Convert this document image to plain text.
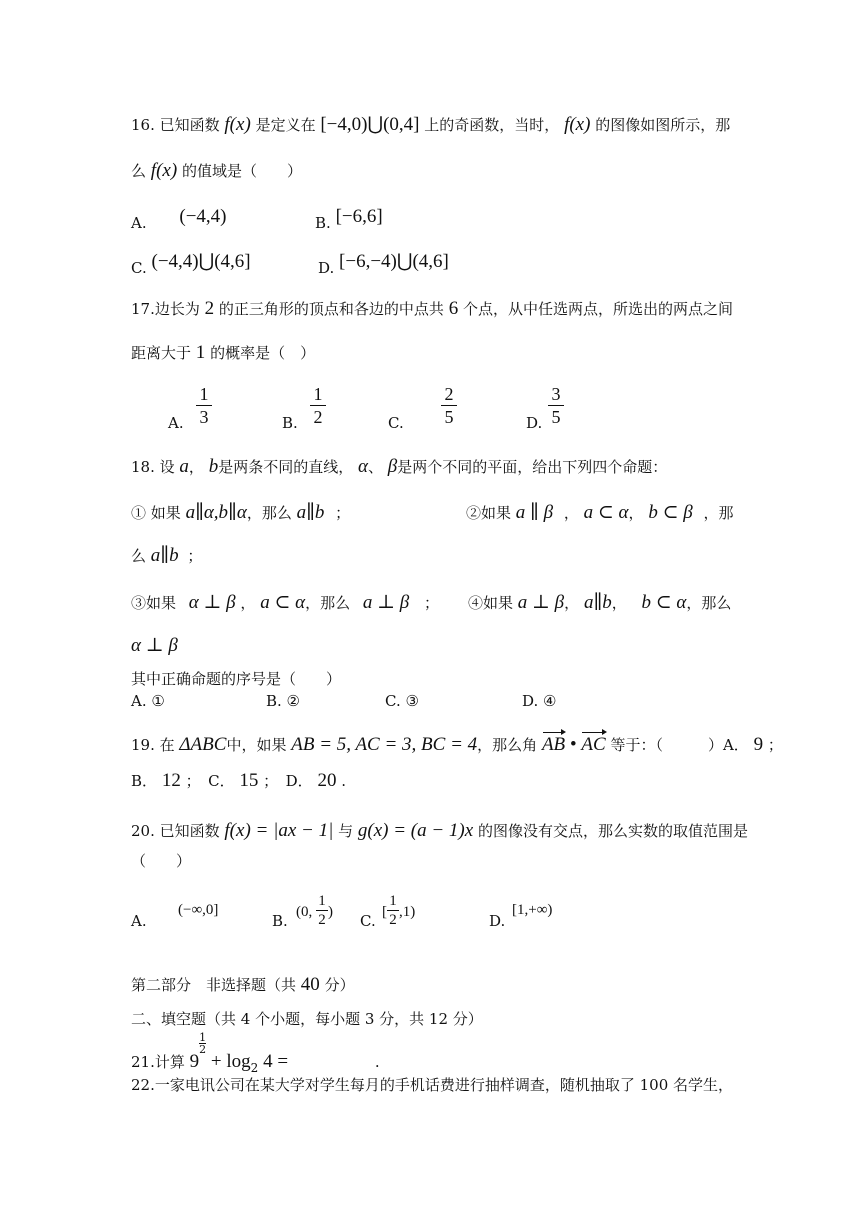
16. 已知函数 f(x) 是定义在 [−4,0)⋃(0,4] 上的奇函数，当时， f(x) 的图像如图所示，那
么 f(x) 的值域是（　　）
A. (−4,4)	B. [−6,6]
C. (−4,4)⋃(4,6]	D. [−6,−4)⋃(4,6]
17.边长为 2 的正三角形的顶点和各边的中点共 6 个点，从中任选两点，所选出的两点之间
距离大于 1 的概率是（　）
A.
1
3	B.
1
2	C.
2
5	D.
3
5
18. 设 a， b是两条不同的直线， α、 β是两个不同的平面，给出下列四个命题：
① 如果 a∥α,b∥α，那么 a∥b ；	②如果 a ∥ β ， a ⊂ α， b ⊂ β ，那
么 a∥b ；
③如果 α ⊥ β ， a ⊂ α，那么 a ⊥ β ； ④如果 a ⊥ β， a∥b， b ⊂ α，那么
α ⊥ β
其中正确命题的序号是（　　）
A. ①	B. ②	C. ③	D. ④
19. 在 ΔABC中，如果 AB = 5, AC = 3, BC = 4，那么角 AB • AC 等于：（　　　）A． 9 ；
B． 12 ；　C． 15 ；　D． 20 .
20. 已知函数 f(x) = |ax − 1| 与 g(x) = (a − 1)x 的图像没有交点，那么实数的取值范围是
（　　）
A.
(−∞,0]
B.
(0, $\frac{1}{2}$ )
C.
[ $\frac{1}{2} ,1$)
D.
[1,+∞)
第二部分　非选择题（共 40 分）
二、填空题（共 4 个小题，每小题 3 分，共 12 分）
21.计算 9
$\frac{1}{2}$
+ $\log_2 4$ =	.
22.一家电讯公司在某大学对学生每月的手机话费进行抽样调查，随机抽取了 100 名学生，
